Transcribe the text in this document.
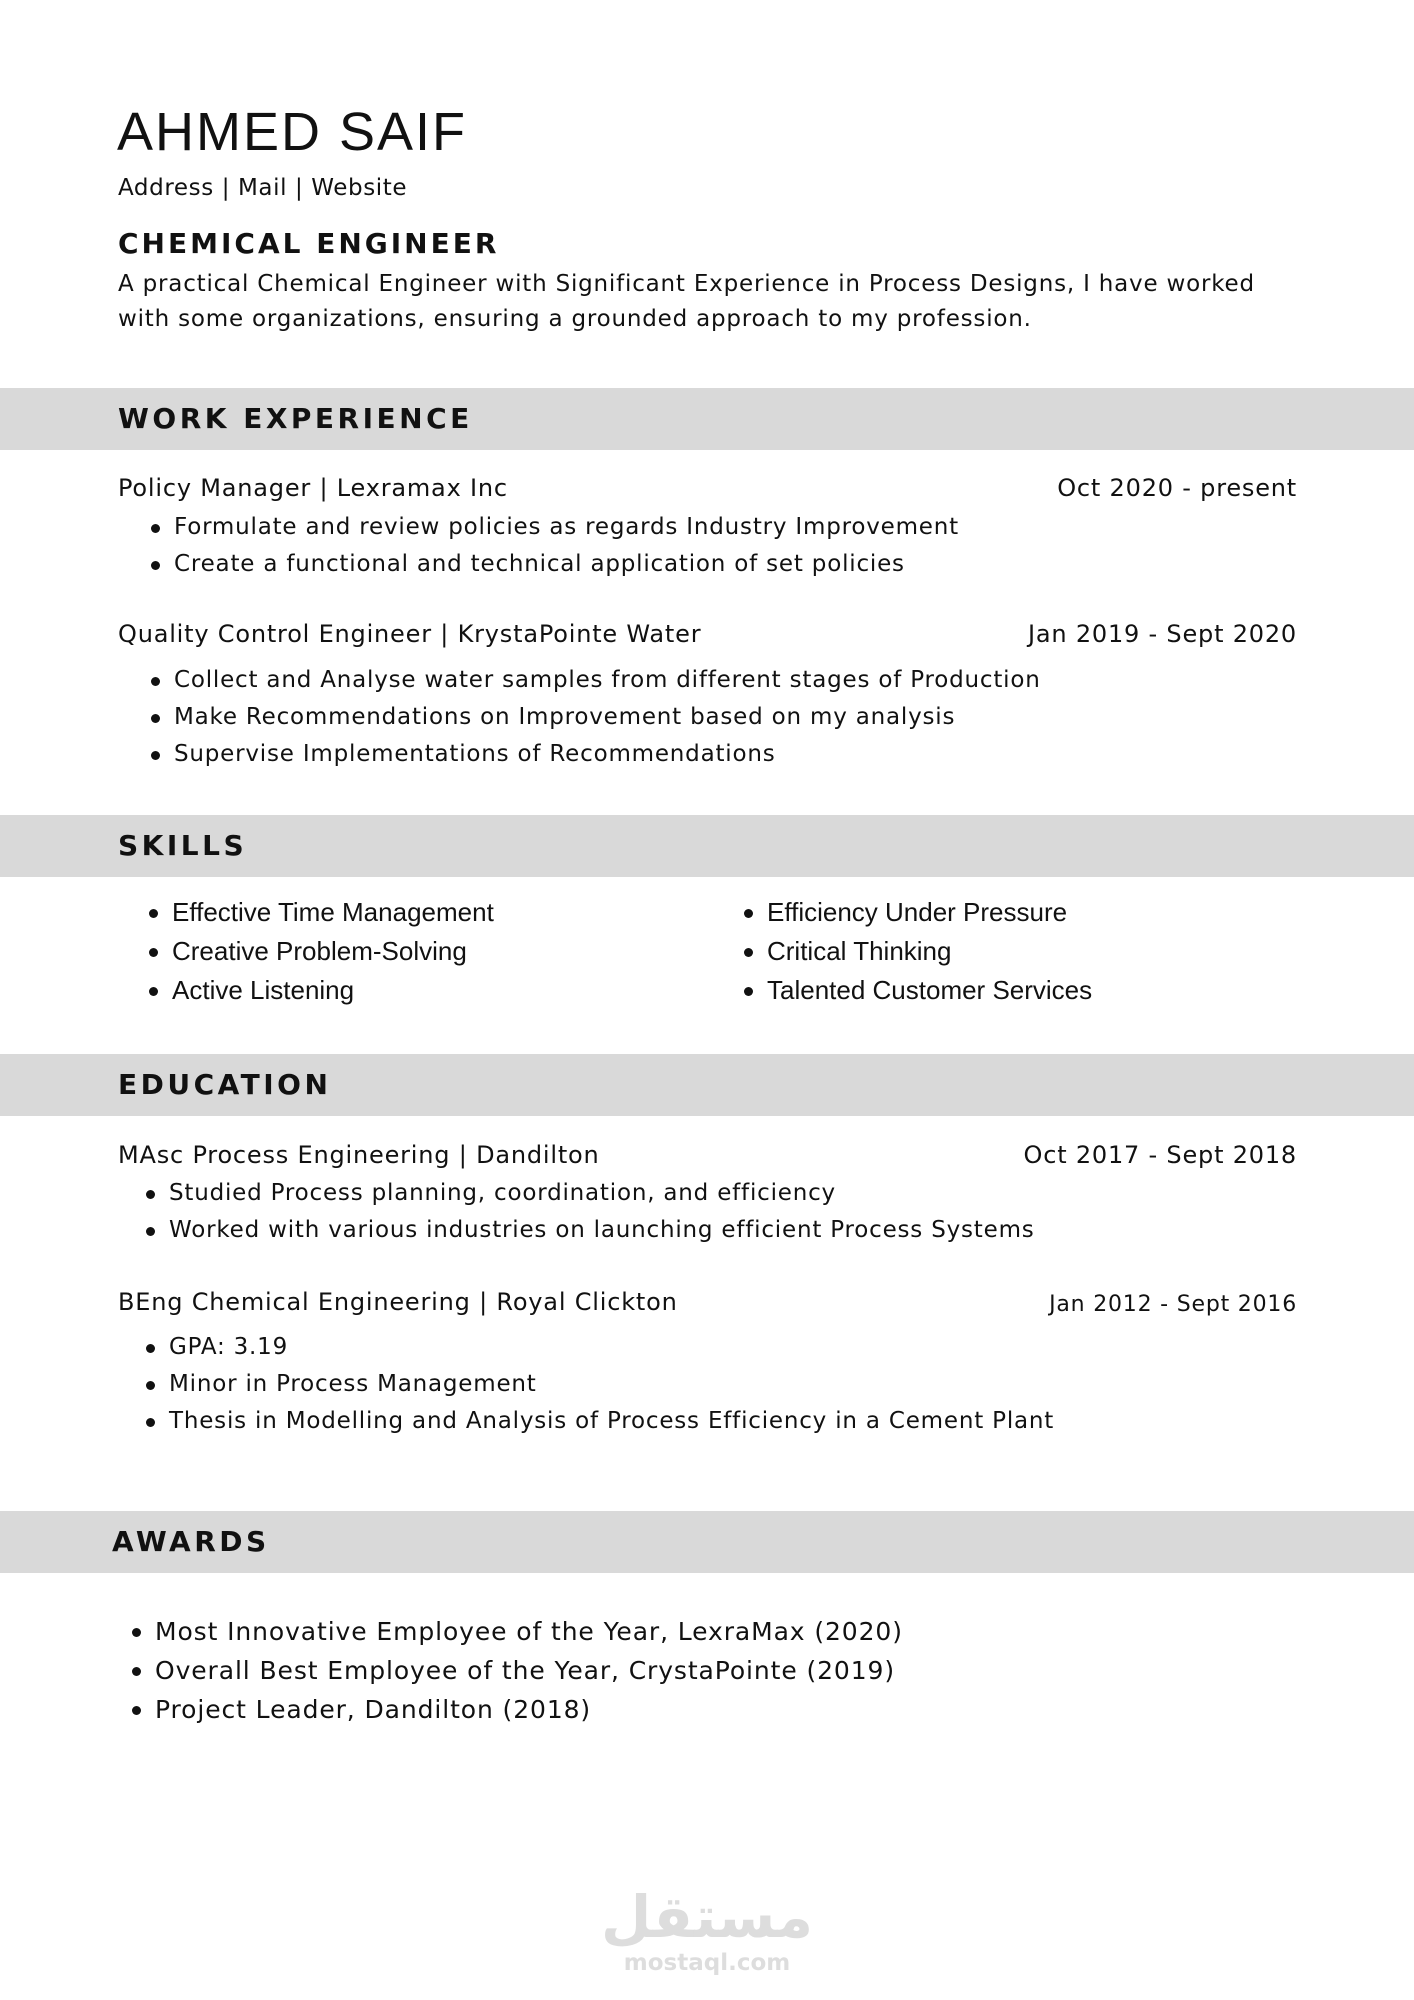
AHMED SAIF
Address | Mail | Website
CHEMICAL ENGINEER
A practical Chemical Engineer with Significant Experience in Process Designs, I have worked with some organizations, ensuring a grounded approach to my profession.
WORK EXPERIENCE
Policy Manager | Lexramax Inc	Oct 2020 - present
Formulate and review policies as regards Industry Improvement
Create a functional and technical application of set policies
Quality Control Engineer | KrystaPointe Water	Jan 2019 - Sept 2020
Collect and Analyse water samples from different stages of Production
Make Recommendations on Improvement based on my analysis
Supervise Implementations of Recommendations
SKILLS
Effective Time Management
Creative Problem-Solving
Active Listening
Efficiency Under Pressure
Critical Thinking
Talented Customer Services
EDUCATION
MAsc Process Engineering | Dandilton	Oct 2017 - Sept 2018
Studied Process planning, coordination, and efficiency
Worked with various industries on launching efficient Process Systems
BEng Chemical Engineering | Royal Clickton	Jan 2012 - Sept 2016
GPA: 3.19
Minor in Process Management
Thesis in Modelling and Analysis of Process Efficiency in a Cement Plant
AWARDS
Most Innovative Employee of the Year, LexraMax (2020)
Overall Best Employee of the Year, CrystaPointe (2019)
Project Leader, Dandilton (2018)
مستقل
mostaql.com
